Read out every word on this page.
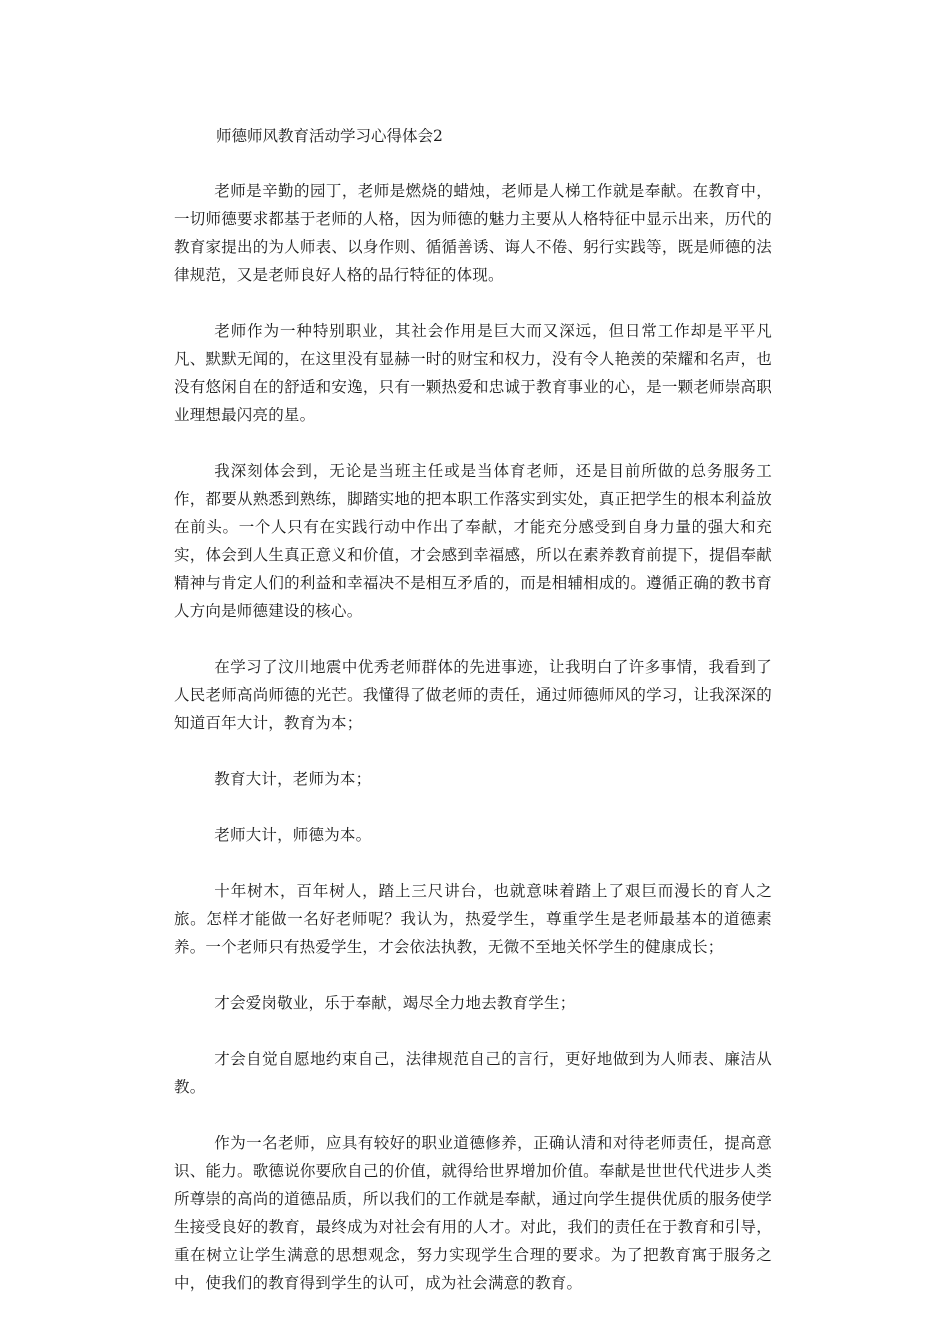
师德师风教育活动学习心得体会2

老师是辛勤的园丁，老师是燃烧的蜡烛，老师是人梯工作就是奉献。在教育中，一切师德要求都基于老师的人格，因为师德的魅力主要从人格特征中显示出来，历代的教育家提出的为人师表、以身作则、循循善诱、诲人不倦、躬行实践等，既是师德的法律规范，又是老师良好人格的品行特征的体现。

老师作为一种特别职业，其社会作用是巨大而又深远，但日常工作却是平平凡凡、默默无闻的，在这里没有显赫一时的财宝和权力，没有令人艳羡的荣耀和名声，也没有悠闲自在的舒适和安逸，只有一颗热爱和忠诚于教育事业的心，是一颗老师崇高职业理想最闪亮的星。

我深刻体会到，无论是当班主任或是当体育老师，还是目前所做的总务服务工作，都要从熟悉到熟练，脚踏实地的把本职工作落实到实处，真正把学生的根本利益放在前头。一个人只有在实践行动中作出了奉献，才能充分感受到自身力量的强大和充实，体会到人生真正意义和价值，才会感到幸福感，所以在素养教育前提下，提倡奉献精神与肯定人们的利益和幸福决不是相互矛盾的，而是相辅相成的。遵循正确的教书育人方向是师德建设的核心。

在学习了汶川地震中优秀老师群体的先进事迹，让我明白了许多事情，我看到了人民老师高尚师德的光芒。我懂得了做老师的责任，通过师德师风的学习，让我深深的知道百年大计，教育为本；

教育大计，老师为本；

老师大计，师德为本。

十年树木，百年树人，踏上三尺讲台，也就意味着踏上了艰巨而漫长的育人之旅。怎样才能做一名好老师呢？我认为，热爱学生，尊重学生是老师最基本的道德素养。一个老师只有热爱学生，才会依法执教，无微不至地关怀学生的健康成长；

才会爱岗敬业，乐于奉献，竭尽全力地去教育学生；

才会自觉自愿地约束自己，法律规范自己的言行，更好地做到为人师表、廉洁从教。

作为一名老师，应具有较好的职业道德修养，正确认清和对待老师责任，提高意识、能力。歌德说你要欣自己的价值，就得给世界增加价值。奉献是世世代代进步人类所尊崇的高尚的道德品质，所以我们的工作就是奉献，通过向学生提供优质的服务使学生接受良好的教育，最终成为对社会有用的人才。对此，我们的责任在于教育和引导，重在树立让学生满意的思想观念，努力实现学生合理的要求。为了把教育寓于服务之中，使我们的教育得到学生的认可，成为社会满意的教育。
